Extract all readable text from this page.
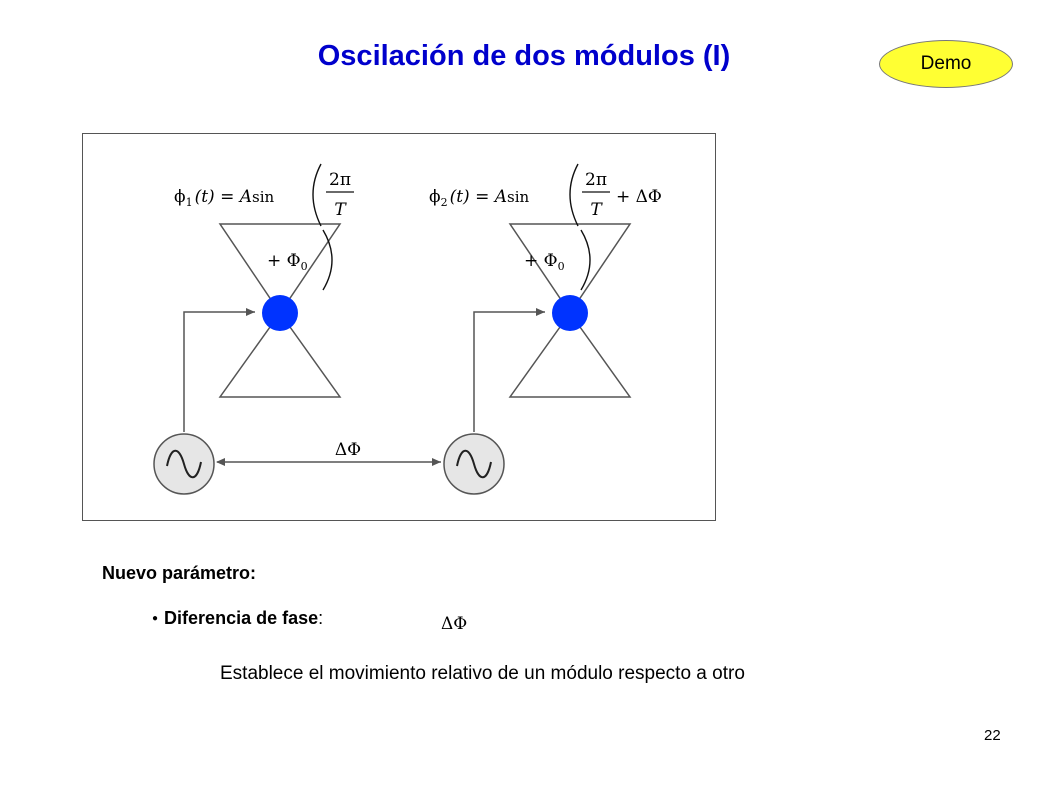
Oscilación de dos módulos (I)	Demo
$\phi_1$ (t) = Asin
2π
T
+ $\Phi_0$
$\phi_2$ (t) = Asin
2π
T
+ ΔΦ
+ $\Phi_0$
ΔΦ
Nuevo parámetro:
● Diferencia de fase:	ΔΦ
Establece el movimiento relativo de un módulo respecto a otro
22
